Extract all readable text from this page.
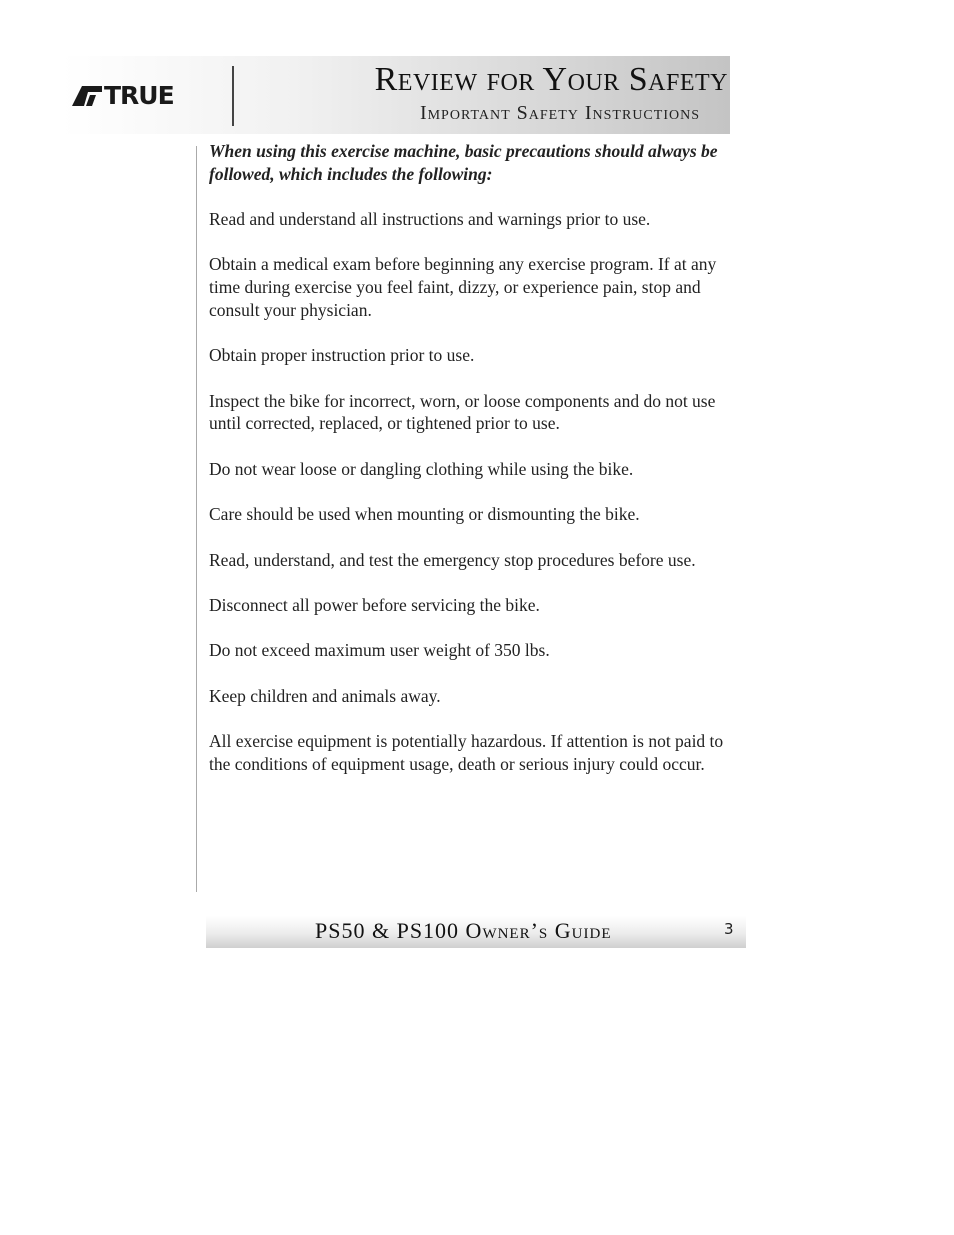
TRUE	Review for Your Safety
Important Safety Instructions

When using this exercise machine, basic precautions should always be followed, which includes the following:

Read and understand all instructions and warnings prior to use.

Obtain a medical exam before beginning any exercise program. If at any time during exercise you feel faint, dizzy, or experience pain, stop and consult your physician.

Obtain proper instruction prior to use.

Inspect the bike for incorrect, worn, or loose components and do not use until corrected, replaced, or tightened prior to use.

Do not wear loose or dangling clothing while using the bike.

Care should be used when mounting or dismounting the bike.

Read, understand, and test the emergency stop procedures before use.

Disconnect all power before servicing the bike.

Do not exceed maximum user weight of 350 lbs.

Keep children and animals away.

All exercise equipment is potentially hazardous. If attention is not paid to the conditions of equipment usage, death or serious injury could occur.

PS50 & PS100 Owner’s Guide	3
